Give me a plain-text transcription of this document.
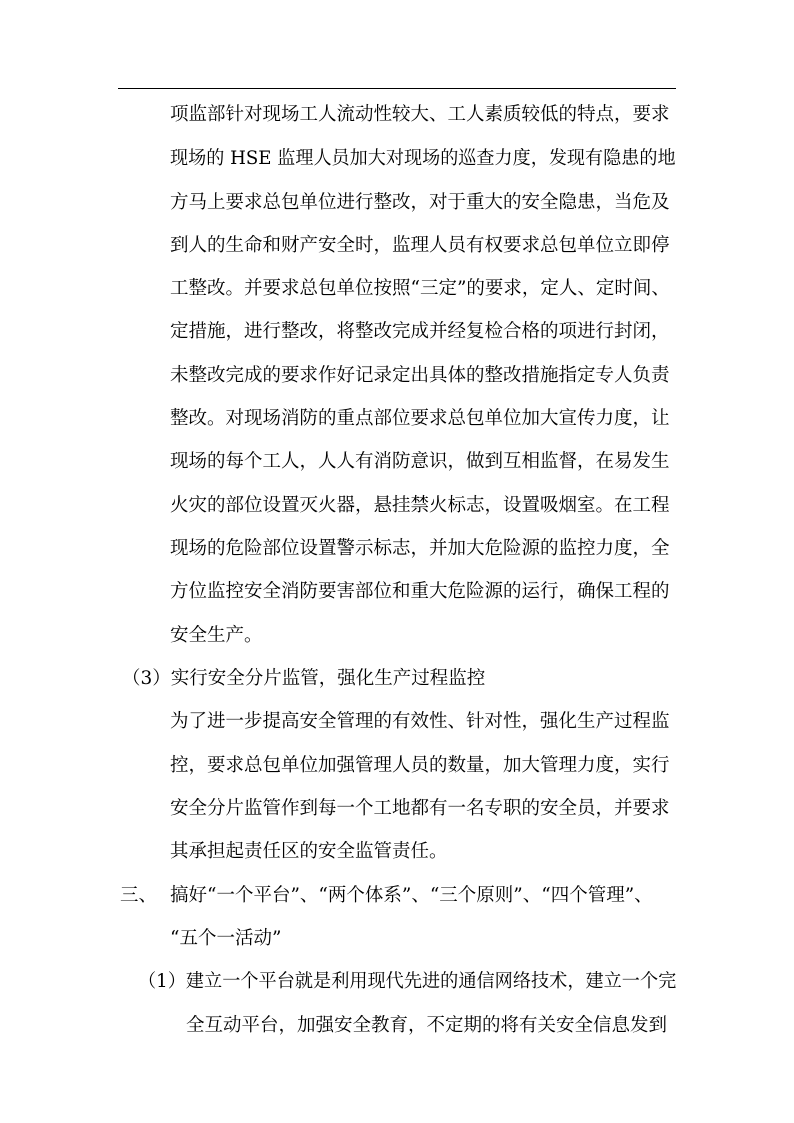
项监部针对现场工人流动性较大、工人素质较低的特点，要求
现场的 HSE 监理人员加大对现场的巡查力度，发现有隐患的地
方马上要求总包单位进行整改，对于重大的安全隐患，当危及
到人的生命和财产安全时，监理人员有权要求总包单位立即停
工整改。并要求总包单位按照“三定”的要求，定人、定时间、
定措施，进行整改，将整改完成并经复检合格的项进行封闭，
未整改完成的要求作好记录定出具体的整改措施指定专人负责
整改。对现场消防的重点部位要求总包单位加大宣传力度，让
现场的每个工人，人人有消防意识，做到互相监督，在易发生
火灾的部位设置灭火器，悬挂禁火标志，设置吸烟室。在工程
现场的危险部位设置警示标志，并加大危险源的监控力度，全
方位监控安全消防要害部位和重大危险源的运行，确保工程的
安全生产。
（3）实行安全分片监管，强化生产过程监控
为了进一步提高安全管理的有效性、针对性，强化生产过程监
控，要求总包单位加强管理人员的数量，加大管理力度，实行
安全分片监管作到每一个工地都有一名专职的安全员，并要求
其承担起责任区的安全监管责任。
三、 搞好“一个平台”、“两个体系”、“三个原则”、“四个管理”、
“五个一活动”
（1）建立一个平台就是利用现代先进的通信网络技术，建立一个完
全互动平台，加强安全教育，不定期的将有关安全信息发到
